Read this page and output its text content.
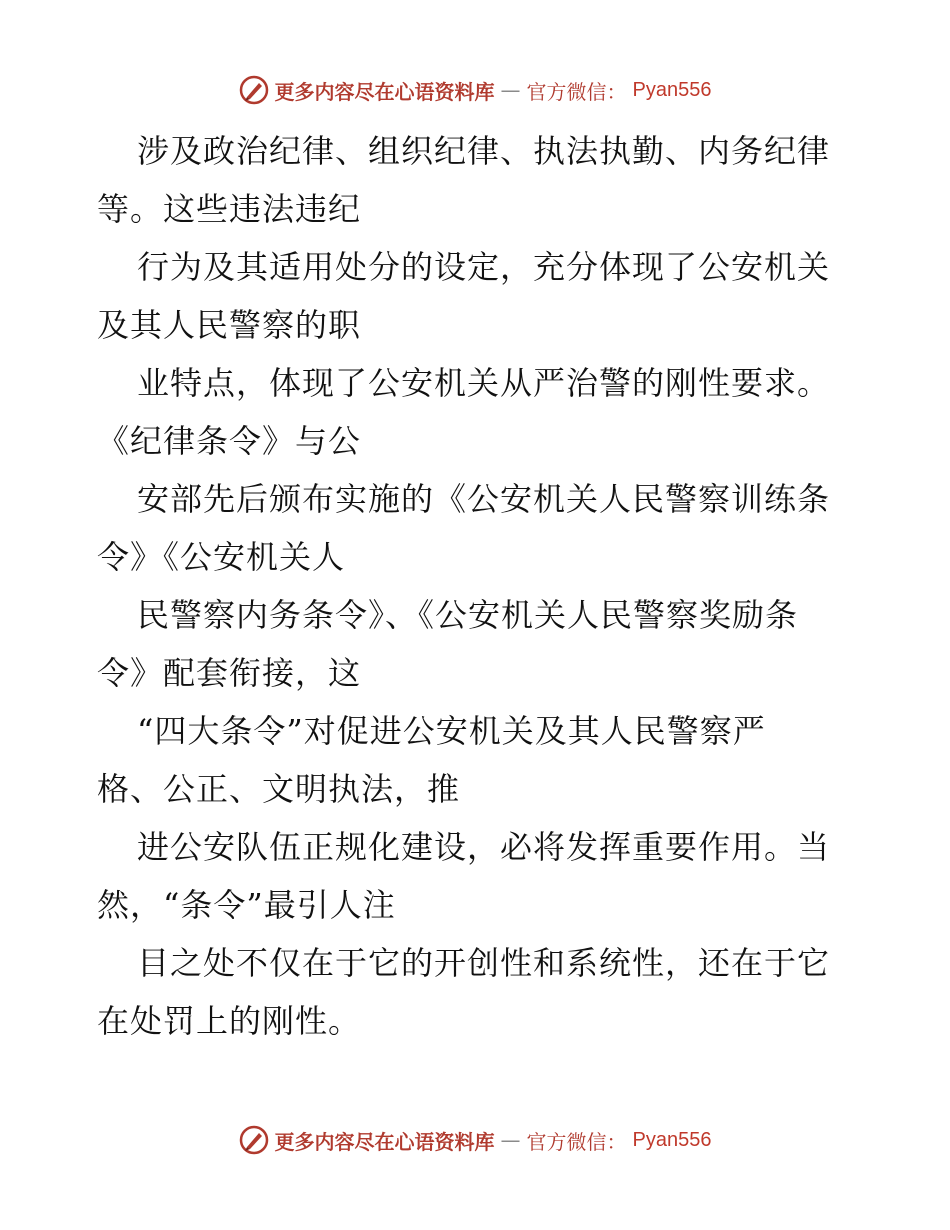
更多内容尽在心语资料库 — 官方微信： Pyan556
涉及政治纪律、组织纪律、执法执勤、内务纪律
等。这些违法违纪
行为及其适用处分的设定，充分体现了公安机关
及其人民警察的职
业特点，体现了公安机关从严治警的刚性要求。
《纪律条令》与公
安部先后颁布实施的《公安机关人民警察训练条
令》《公安机关人
民警察内务条令》、《公安机关人民警察奖励条
令》配套衔接，这
“四大条令”对促进公安机关及其人民警察严
格、公正、文明执法，推
进公安队伍正规化建设，必将发挥重要作用。当
然，“条令”最引人注
目之处不仅在于它的开创性和系统性，还在于它
在处罚上的刚性。
更多内容尽在心语资料库 — 官方微信： Pyan556
